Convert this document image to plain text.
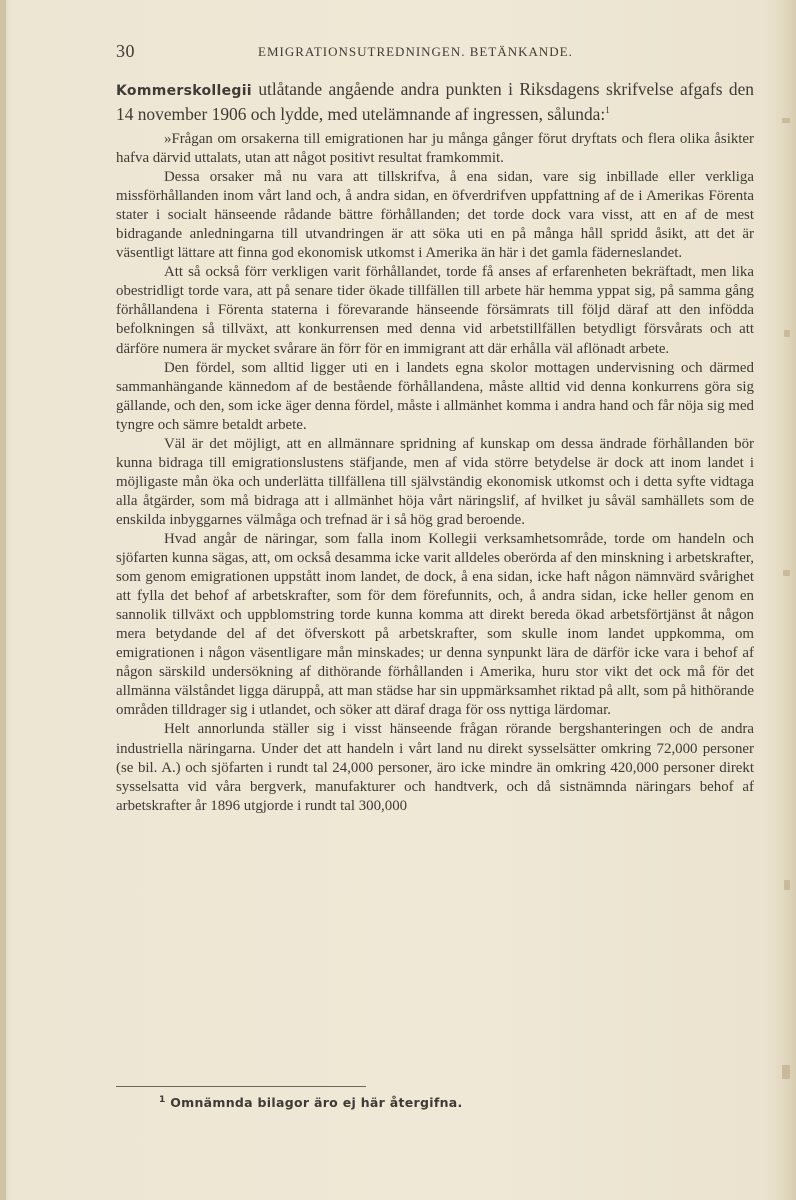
30	EMIGRATIONSUTREDNINGEN. BETÄNKANDE.

Kommerskollegii utlåtande angående andra punkten i Riksdagens skrifvelse afgafs den 14 november 1906 och lydde, med utelämnande af ingressen, sålunda:$^1$

»Frågan om orsakerna till emigrationen har ju många gånger förut dryftats och flera olika åsikter hafva därvid uttalats, utan att något positivt resultat framkommit.

Dessa orsaker må nu vara att tillskrifva, å ena sidan, vare sig inbillade eller verkliga missförhållanden inom vårt land och, å andra sidan, en öfverdrifven uppfattning af de i Amerikas Förenta stater i socialt hänseende rådande bättre förhållanden; det torde dock vara visst, att en af de mest bidragande anledningarna till utvandringen är att söka uti en på många håll spridd åsikt, att det är väsentligt lättare att finna god ekonomisk utkomst i Amerika än här i det gamla fäderneslandet.

Att så också förr verkligen varit förhållandet, torde få anses af erfarenheten bekräftadt, men lika obestridligt torde vara, att på senare tider ökade tillfällen till arbete här hemma yppat sig, på samma gång förhållandena i Förenta staterna i förevarande hänseende försämrats till följd däraf att den infödda befolkningen så tillväxt, att konkurrensen med denna vid arbetstillfällen betydligt försvårats och att därföre numera är mycket svårare än förr för en immigrant att där erhålla väl aflönadt arbete.

Den fördel, som alltid ligger uti en i landets egna skolor mottagen undervisning och därmed sammanhängande kännedom af de bestående förhållandena, måste alltid vid denna konkurrens göra sig gällande, och den, som icke äger denna fördel, måste i allmänhet komma i andra hand och får nöja sig med tyngre och sämre betaldt arbete.

Väl är det möjligt, att en allmännare spridning af kunskap om dessa ändrade förhållanden bör kunna bidraga till emigrationslustens stäfjande, men af vida större betydelse är dock att inom landet i möjligaste mån öka och underlätta tillfällena till självständig ekonomisk utkomst och i detta syfte vidtaga alla åtgärder, som må bidraga att i allmänhet höja vårt näringslif, af hvilket ju såväl samhällets som de enskilda inbyggarnes välmåga och trefnad är i så hög grad beroende.

Hvad angår de näringar, som falla inom Kollegii verksamhetsområde, torde om handeln och sjöfarten kunna sägas, att, om också desamma icke varit alldeles oberörda af den minskning i arbetskrafter, som genom emigrationen uppstått inom landet, de dock, å ena sidan, icke haft någon nämnvärd svårighet att fylla det behof af arbetskrafter, som för dem förefunnits, och, å andra sidan, icke heller genom en sannolik tillväxt och uppblomstring torde kunna komma att direkt bereda ökad arbetsförtjänst åt någon mera betydande del af det öfverskott på arbetskrafter, som skulle inom landet uppkomma, om emigrationen i någon väsentligare mån minskades; ur denna synpunkt lära de därför icke vara i behof af någon särskild undersökning af dithörande förhållanden i Amerika, huru stor vikt det ock må för det allmänna välståndet ligga däruppå, att man städse har sin uppmärksamhet riktad på allt, som på hithörande områden tilldrager sig i utlandet, och söker att däraf draga för oss nyttiga lärdomar.

Helt annorlunda ställer sig i visst hänseende frågan rörande bergshanteringen och de andra industriella näringarna. Under det att handeln i vårt land nu direkt sysselsätter omkring 72,000 personer (se bil. A.) och sjöfarten i rundt tal 24,000 personer, äro icke mindre än omkring 420,000 personer direkt sysselsatta vid våra bergverk, manufakturer och handtverk, och då sistnämnda näringars behof af arbetskrafter år 1896 utgjorde i rundt tal 300,000

$^1$ Omnämnda bilagor äro ej här återgifna.
